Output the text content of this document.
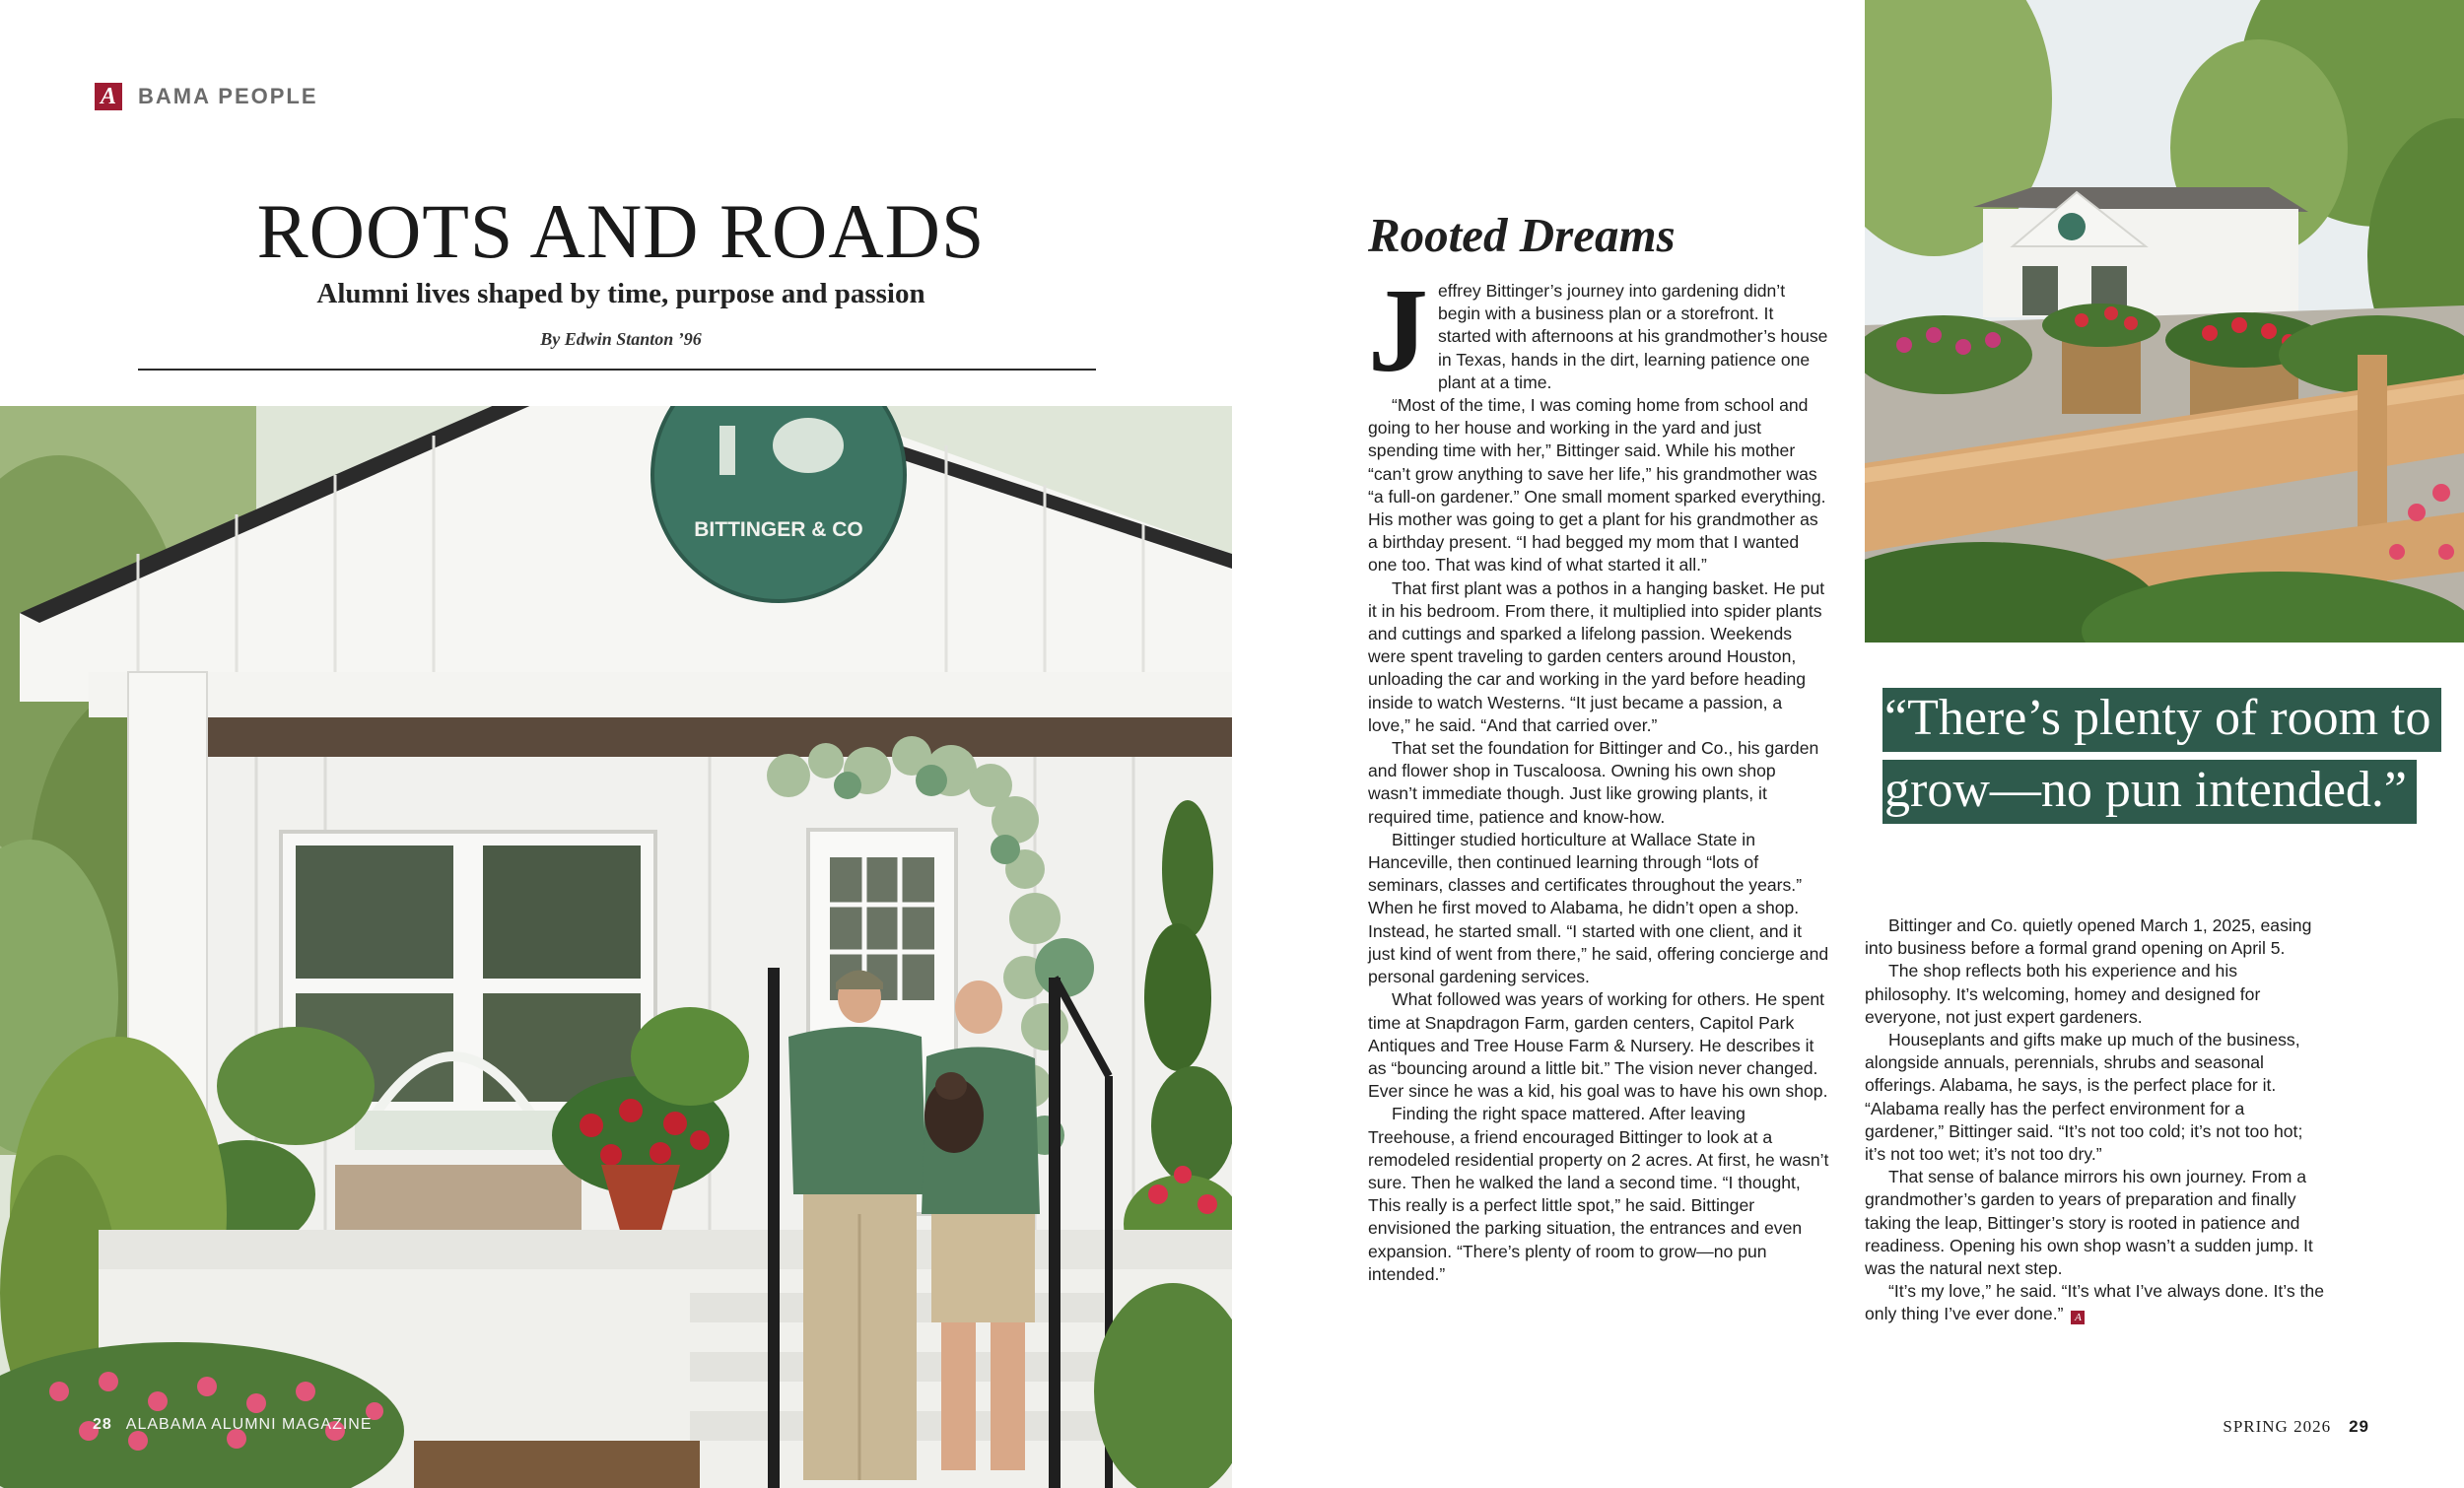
A BAMA PEOPLE
ROOTS AND ROADS
Alumni lives shaped by time, purpose and passion
By Edwin Stanton ’96
BITTINGER & CO
28 ALABAMA ALUMNI MAGAZINE
Rooted Dreams

Jeffrey Bittinger’s journey into gardening didn’t begin with a business plan or a storefront. It started with afternoons at his grandmother’s house in Texas, hands in the dirt, learning patience one plant at a time.

“Most of the time, I was coming home from school and going to her house and working in the yard and just spending time with her,” Bittinger said. While his mother “can’t grow anything to save her life,” his grandmother was “a full-on gardener.” One small moment sparked everything. His mother was going to get a plant for his grandmother as a birthday present. “I had begged my mom that I wanted one too. That was kind of what started it all.”

That first plant was a pothos in a hanging basket. He put it in his bedroom. From there, it multiplied into spider plants and cuttings and sparked a lifelong passion. Weekends were spent traveling to garden centers around Houston, unloading the car and working in the yard before heading inside to watch Westerns. “It just became a passion, a love,” he said. “And that carried over.”

That set the foundation for Bittinger and Co., his garden and flower shop in Tuscaloosa. Owning his own shop wasn’t immediate though. Just like growing plants, it required time, patience and know-how.

Bittinger studied horticulture at Wallace State in Hanceville, then continued learning through “lots of seminars, classes and certificates throughout the years.” When he first moved to Alabama, he didn’t open a shop. Instead, he started small. “I started with one client, and it just kind of went from there,” he said, offering concierge and personal gardening services.

What followed was years of working for others. He spent time at Snapdragon Farm, garden centers, Capitol Park Antiques and Tree House Farm & Nursery. He describes it as “bouncing around a little bit.” The vision never changed. Ever since he was a kid, his goal was to have his own shop.

Finding the right space mattered. After leaving Treehouse, a friend encouraged Bittinger to look at a remodeled residential property on 2 acres. At first, he wasn’t sure. Then he walked the land a second time. “I thought, This really is a perfect little spot,” he said. Bittinger envisioned the parking situation, the entrances and even expansion. “There’s plenty of room to grow—no pun intended.”

“There’s plenty of room to grow—no pun intended.”

Bittinger and Co. quietly opened March 1, 2025, easing into business before a formal grand opening on April 5.

The shop reflects both his experience and his philosophy. It’s welcoming, homey and designed for everyone, not just expert gardeners.

Houseplants and gifts make up much of the business, alongside annuals, perennials, shrubs and seasonal offerings. Alabama, he says, is the perfect place for it. “Alabama really has the perfect environment for a gardener,” Bittinger said. “It’s not too cold; it’s not too hot; it’s not too wet; it’s not too dry.”

That sense of balance mirrors his own journey. From a grandmother’s garden to years of preparation and finally taking the leap, Bittinger’s story is rooted in patience and readiness. Opening his own shop wasn’t a sudden jump. It was the natural next step.

“It’s my love,” he said. “It’s what I’ve always done. It’s the only thing I’ve ever done.” A

SPRING 2026 29
